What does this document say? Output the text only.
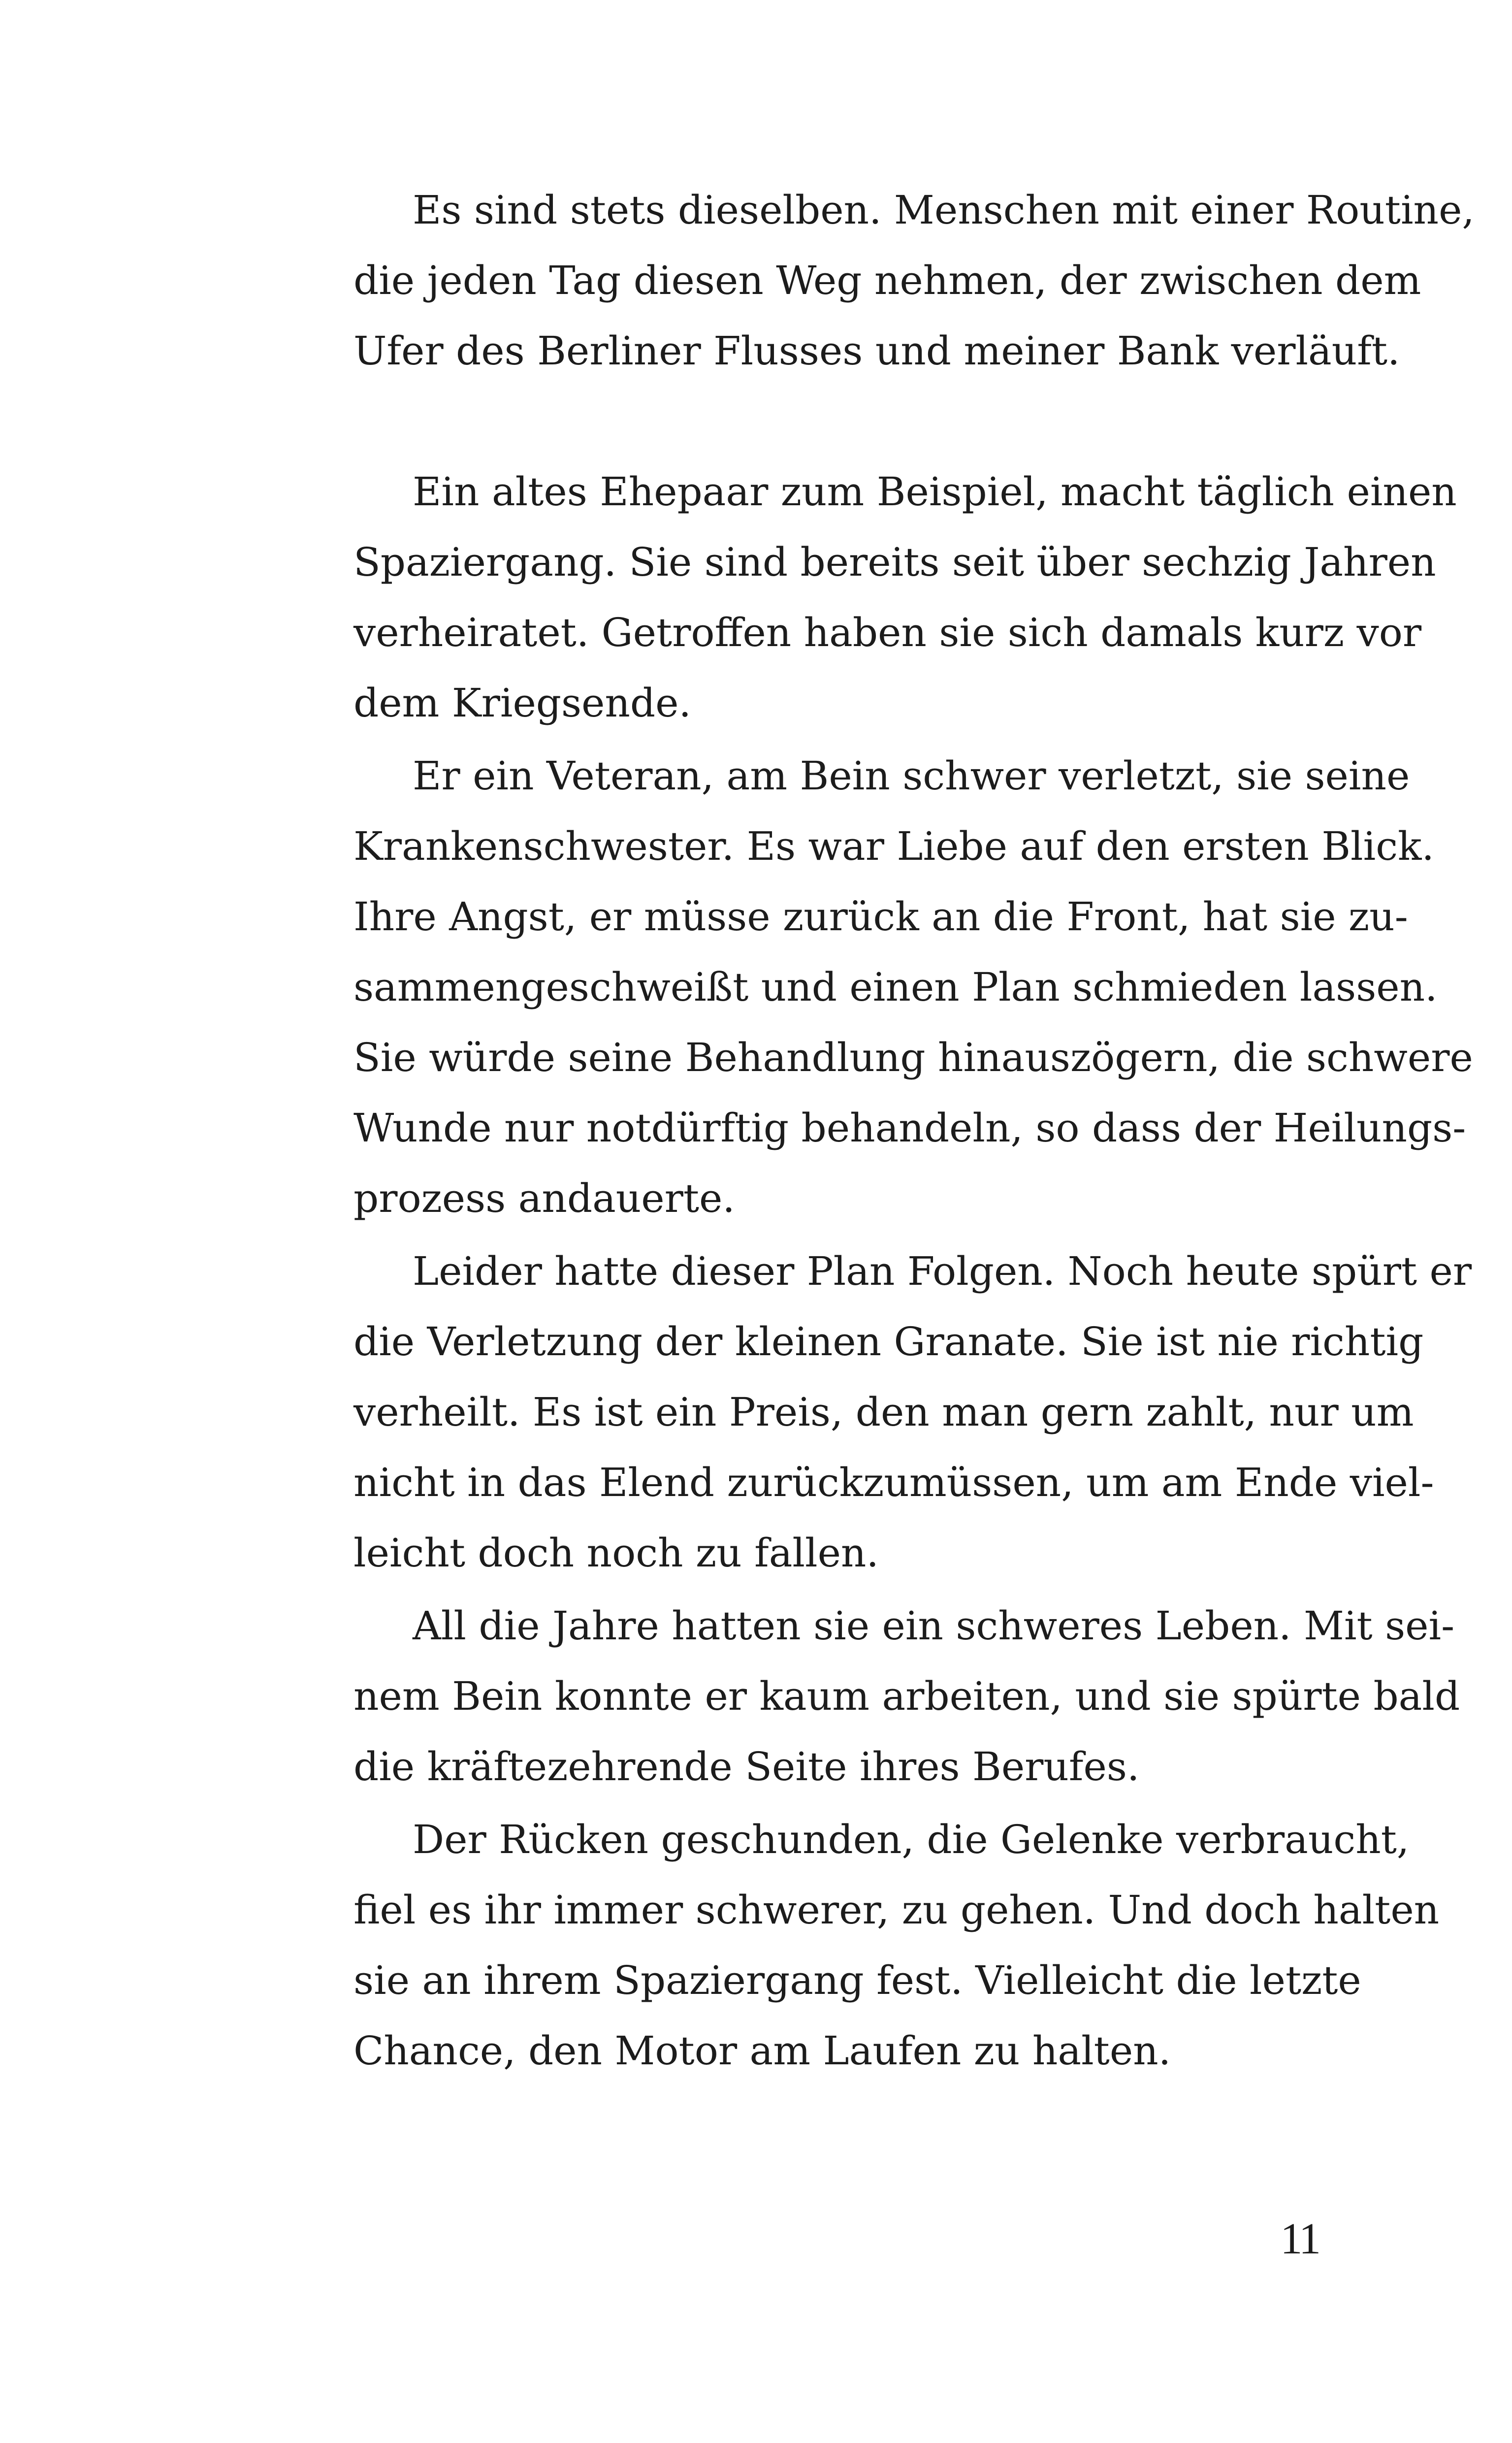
Es sind stets dieselben. Menschen mit einer Routine,
die jeden Tag diesen Weg nehmen, der zwischen dem
Ufer des Berliner Flusses und meiner Bank verläuft.

Ein altes Ehepaar zum Beispiel, macht täglich einen
Spaziergang. Sie sind bereits seit über sechzig Jahren
verheiratet. Getroffen haben sie sich damals kurz vor
dem Kriegsende.

Er ein Veteran, am Bein schwer verletzt, sie seine
Krankenschwester. Es war Liebe auf den ersten Blick.
Ihre Angst, er müsse zurück an die Front, hat sie zu-
sammengeschweißt und einen Plan schmieden lassen.
Sie würde seine Behandlung hinauszögern, die schwere
Wunde nur notdürftig behandeln, so dass der Heilungs-
prozess andauerte.

Leider hatte dieser Plan Folgen. Noch heute spürt er
die Verletzung der kleinen Granate. Sie ist nie richtig
verheilt. Es ist ein Preis, den man gern zahlt, nur um
nicht in das Elend zurückzumüssen, um am Ende viel-
leicht doch noch zu fallen.

All die Jahre hatten sie ein schweres Leben. Mit sei-
nem Bein konnte er kaum arbeiten, und sie spürte bald
die kräftezehrende Seite ihres Berufes.

Der Rücken geschunden, die Gelenke verbraucht,
fiel es ihr immer schwerer, zu gehen. Und doch halten
sie an ihrem Spaziergang fest. Vielleicht die letzte
Chance, den Motor am Laufen zu halten.

11
